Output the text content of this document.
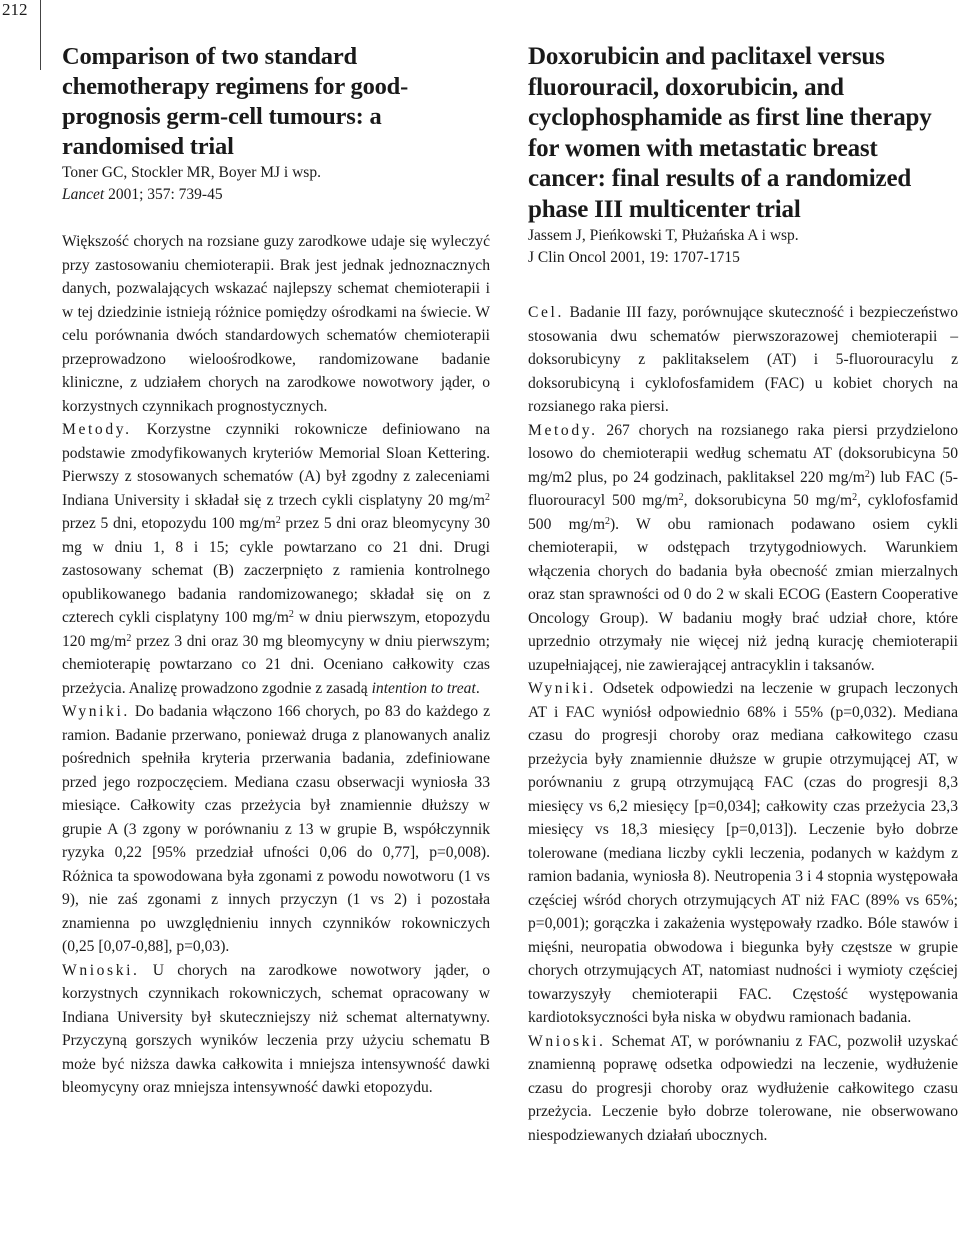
212
Comparison of two standard chemotherapy regimens for good-prognosis germ-cell tumours: a randomised trial
Toner GC, Stockler MR, Boyer MJ i wsp.
Lancet 2001; 357: 739-45

Większość chorych na rozsiane guzy zarodkowe udaje się wyleczyć przy zastosowaniu chemioterapii. Brak jest jednak jednoznacznych danych, pozwalających wskazać najlepszy schemat chemioterapii i w tej dziedzinie istnieją różnice pomiędzy ośrodkami na świecie. W celu porównania dwóch standardowych schematów chemioterapii przeprowadzono wieloośrodkowe, randomizowane badanie kliniczne, z udziałem chorych na zarodkowe nowotwory jąder, o korzystnych czynnikach prognostycznych.

Metody. Korzystne czynniki rokownicze definiowano na podstawie zmodyfikowanych kryteriów Memorial Sloan Kettering. Pierwszy z stosowanych schematów (A) był zgodny z zaleceniami Indiana University i składał się z trzech cykli cisplatyny 20 $mg/m^2$ przez 5 dni, etopozydu 100 $mg/m^2$ przez 5 dni oraz bleomycyny 30 mg w dniu 1, 8 i 15; cykle powtarzano co 21 dni. Drugi zastosowany schemat (B) zaczerpnięto z ramienia kontrolnego opublikowanego badania randomizowanego; składał się on z czterech cykli cisplatyny 100 $mg/m^2$ w dniu pierwszym, etopozydu 120 $mg/m^2$ przez 3 dni oraz 30 mg bleomycyny w dniu pierwszym; chemioterapię powtarzano co 21 dni. Oceniano całkowity czas przeżycia. Analizę prowadzono zgodnie z zasadą intention to treat.

Wyniki. Do badania włączono 166 chorych, po 83 do każdego z ramion. Badanie przerwano, ponieważ druga z planowanych analiz pośrednich spełniła kryteria przerwania badania, zdefiniowane przed jego rozpoczęciem. Mediana czasu obserwacji wyniosła 33 miesiące. Całkowity czas przeżycia był znamiennie dłuższy w grupie A (3 zgony w porównaniu z 13 w grupie B, współczynnik ryzyka 0,22 [95% przedział ufności 0,06 do 0,77], p=0,008). Różnica ta spowodowana była zgonami z powodu nowotworu (1 vs 9), nie zaś zgonami z innych przyczyn (1 vs 2) i pozostała znamienna po uwzględnieniu innych czynników rokowniczych (0,25 [0,07-0,88], p=0,03).

Wnioski. U chorych na zarodkowe nowotwory jąder, o korzystnych czynnikach rokowniczych, schemat opracowany w Indiana University był skuteczniejszy niż schemat alternatywny. Przyczyną gorszych wyników leczenia przy użyciu schematu B może być niższa dawka całkowita i mniejsza intensywność dawki bleomycyny oraz mniejsza intensywność dawki etopozydu.

Doxorubicin and paclitaxel versus fluorouracil, doxorubicin, and cyclophosphamide as first line therapy for women with metastatic breast cancer: final results of a randomized phase III multicenter trial
Jassem J, Pieńkowski T, Płużańska A i wsp.
J Clin Oncol 2001, 19: 1707-1715

Cel. Badanie III fazy, porównujące skuteczność i bezpieczeństwo stosowania dwu schematów pierwszorazowej chemioterapii – doksorubicyny z paklitakselem (AT) i 5-fluorouracylu z doksorubicyną i cyklofosfamidem (FAC) u kobiet chorych na rozsianego raka piersi.

Metody. 267 chorych na rozsianego raka piersi przydzielono losowo do chemioterapii według schematu AT (doksorubicyna 50 mg/m2 plus, po 24 godzinach, paklitaksel 220 $mg/m^2$) lub FAC (5-fluorouracyl 500 $mg/m^2$, doksorubicyna 50 $mg/m^2$, cyklofosfamid 500 $mg/m^2$). W obu ramionach podawano osiem cykli chemioterapii, w odstępach trzytygodniowych. Warunkiem włączenia chorych do badania była obecność zmian mierzalnych oraz stan sprawności od 0 do 2 w skali ECOG (Eastern Cooperative Oncology Group). W badaniu mogły brać udział chore, które uprzednio otrzymały nie więcej niż jedną kurację chemioterapii uzupełniającej, nie zawierającej antracyklin i taksanów.

Wyniki. Odsetek odpowiedzi na leczenie w grupach leczonych AT i FAC wyniósł odpowiednio 68% i 55% (p=0,032). Mediana czasu do progresji choroby oraz mediana całkowitego czasu przeżycia były znamiennie dłuższe w grupie otrzymującej AT, w porównaniu z grupą otrzymującą FAC (czas do progresji 8,3 miesięcy vs 6,2 miesięcy [p=0,034]; całkowity czas przeżycia 23,3 miesięcy vs 18,3 miesięcy [p=0,013]). Leczenie było dobrze tolerowane (mediana liczby cykli leczenia, podanych w każdym z ramion badania, wyniosła 8). Neutropenia 3 i 4 stopnia występowała częściej wśród chorych otrzymujących AT niż FAC (89% vs 65%; p=0,001); gorączka i zakażenia występowały rzadko. Bóle stawów i mięśni, neuropatia obwodowa i biegunka były częstsze w grupie chorych otrzymujących AT, natomiast nudności i wymioty częściej towarzyszyły chemioterapii FAC. Częstość występowania kardiotoksyczności była niska w obydwu ramionach badania.

Wnioski. Schemat AT, w porównaniu z FAC, pozwolił uzyskać znamienną poprawę odsetka odpowiedzi na leczenie, wydłużenie czasu do progresji choroby oraz wydłużenie całkowitego czasu przeżycia. Leczenie było dobrze tolerowane, nie obserwowano niespodziewanych działań ubocznych.
